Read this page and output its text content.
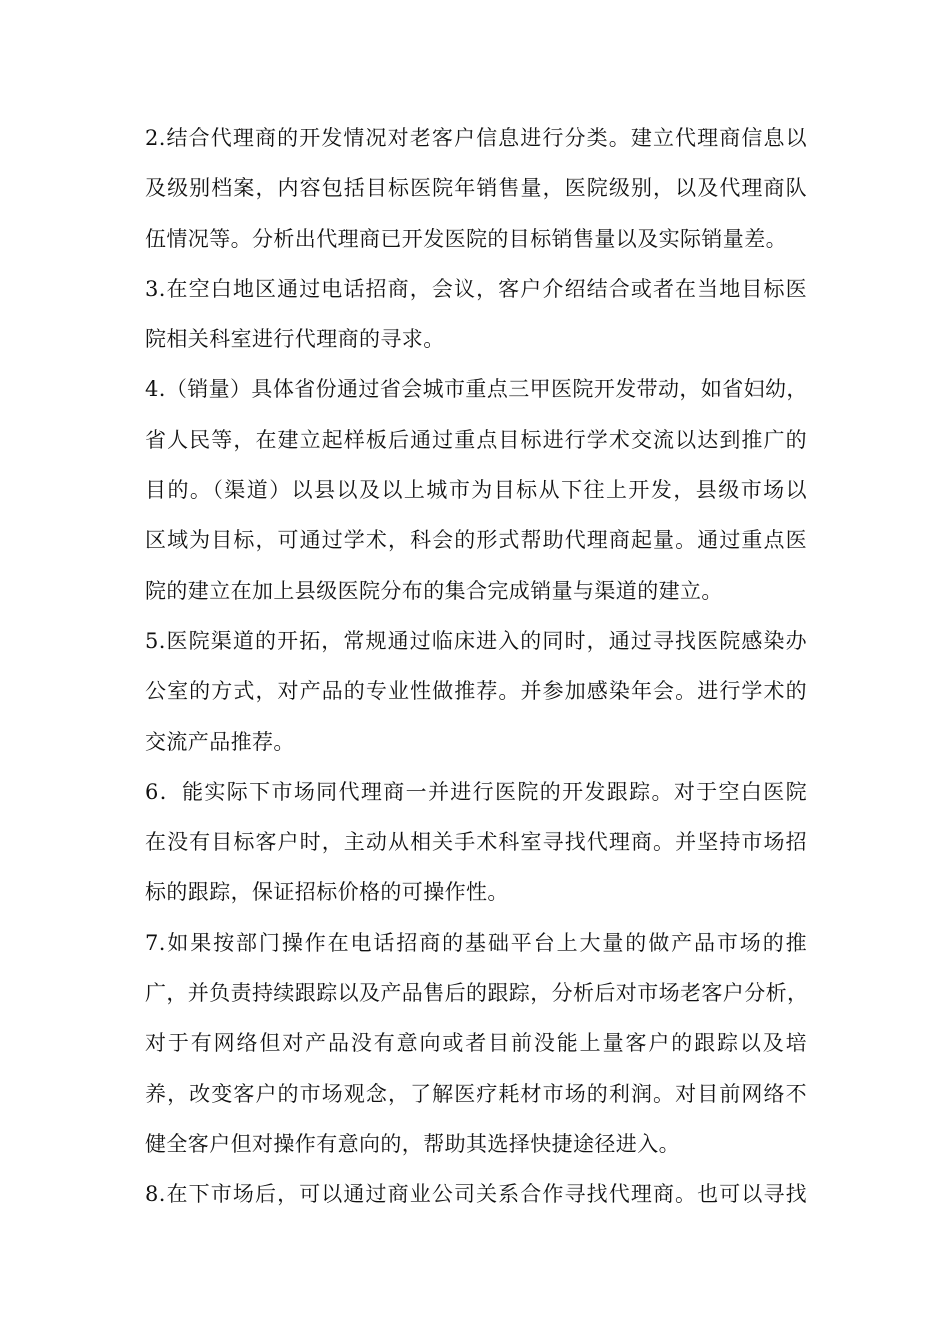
2.结合代理商的开发情况对老客户信息进行分类。建立代理商信息以
及级别档案，内容包括目标医院年销售量，医院级别，以及代理商队
伍情况等。分析出代理商已开发医院的目标销售量以及实际销量差。
3.在空白地区通过电话招商，会议，客户介绍结合或者在当地目标医
院相关科室进行代理商的寻求。
4.（销量）具体省份通过省会城市重点三甲医院开发带动，如省妇幼，
省人民等，在建立起样板后通过重点目标进行学术交流以达到推广的
目的。（渠道）以县以及以上城市为目标从下往上开发，县级市场以
区域为目标，可通过学术，科会的形式帮助代理商起量。通过重点医
院的建立在加上县级医院分布的集合完成销量与渠道的建立。
5.医院渠道的开拓，常规通过临床进入的同时，通过寻找医院感染办
公室的方式，对产品的专业性做推荐。并参加感染年会。进行学术的
交流产品推荐。
6．能实际下市场同代理商一并进行医院的开发跟踪。对于空白医院
在没有目标客户时，主动从相关手术科室寻找代理商。并坚持市场招
标的跟踪，保证招标价格的可操作性。
7.如果按部门操作在电话招商的基础平台上大量的做产品市场的推
广，并负责持续跟踪以及产品售后的跟踪，分析后对市场老客户分析，
对于有网络但对产品没有意向或者目前没能上量客户的跟踪以及培
养，改变客户的市场观念，了解医疗耗材市场的利润。对目前网络不
健全客户但对操作有意向的，帮助其选择快捷途径进入。
8.在下市场后，可以通过商业公司关系合作寻找代理商。也可以寻找
